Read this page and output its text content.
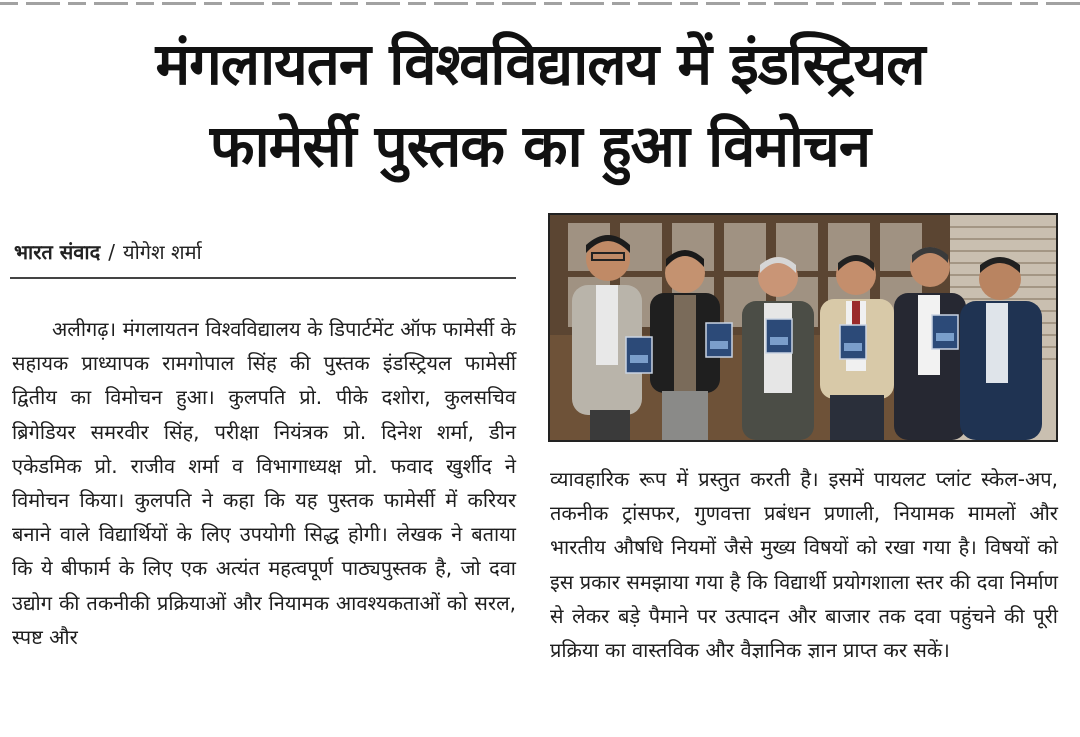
मंगलायतन विश्वविद्यालय में इंडस्ट्रियल
फामेर्सी पुस्तक का हुआ विमोचन
भारत संवाद / योगेश शर्मा

अलीगढ़। मंगलायतन विश्वविद्यालय के डिपार्टमेंट ऑफ फामेर्सी के सहायक प्राध्यापक रामगोपाल सिंह की पुस्तक इंडस्ट्रियल फामेर्सी द्वितीय का विमोचन हुआ। कुलपति प्रो. पीके दशोरा, कुलसचिव ब्रिगेडियर समरवीर सिंह, परीक्षा नियंत्रक प्रो. दिनेश शर्मा, डीन एकेडमिक प्रो. राजीव शर्मा व विभागाध्यक्ष प्रो. फवाद खुर्शीद ने विमोचन किया। कुलपति ने कहा कि यह पुस्तक फामेर्सी में करियर बनाने वाले विद्यार्थियों के लिए उपयोगी सिद्ध होगी। लेखक ने बताया कि ये बीफार्म के लिए एक अत्यंत महत्वपूर्ण पाठ्यपुस्तक है, जो दवा उद्योग की तकनीकी प्रक्रियाओं और नियामक आवश्यकताओं को सरल, स्पष्ट और

व्यावहारिक रूप में प्रस्तुत करती है। इसमें पायलट प्लांट स्केल-अप, तकनीक ट्रांसफर, गुणवत्ता प्रबंधन प्रणाली, नियामक मामलों और भारतीय औषधि नियमों जैसे मुख्य विषयों को रखा गया है। विषयों को इस प्रकार समझाया गया है कि विद्यार्थी प्रयोगशाला स्तर की दवा निर्माण से लेकर बड़े पैमाने पर उत्पादन और बाजार तक दवा पहुंचने की पूरी प्रक्रिया का वास्तविक और वैज्ञानिक ज्ञान प्राप्त कर सकें।
